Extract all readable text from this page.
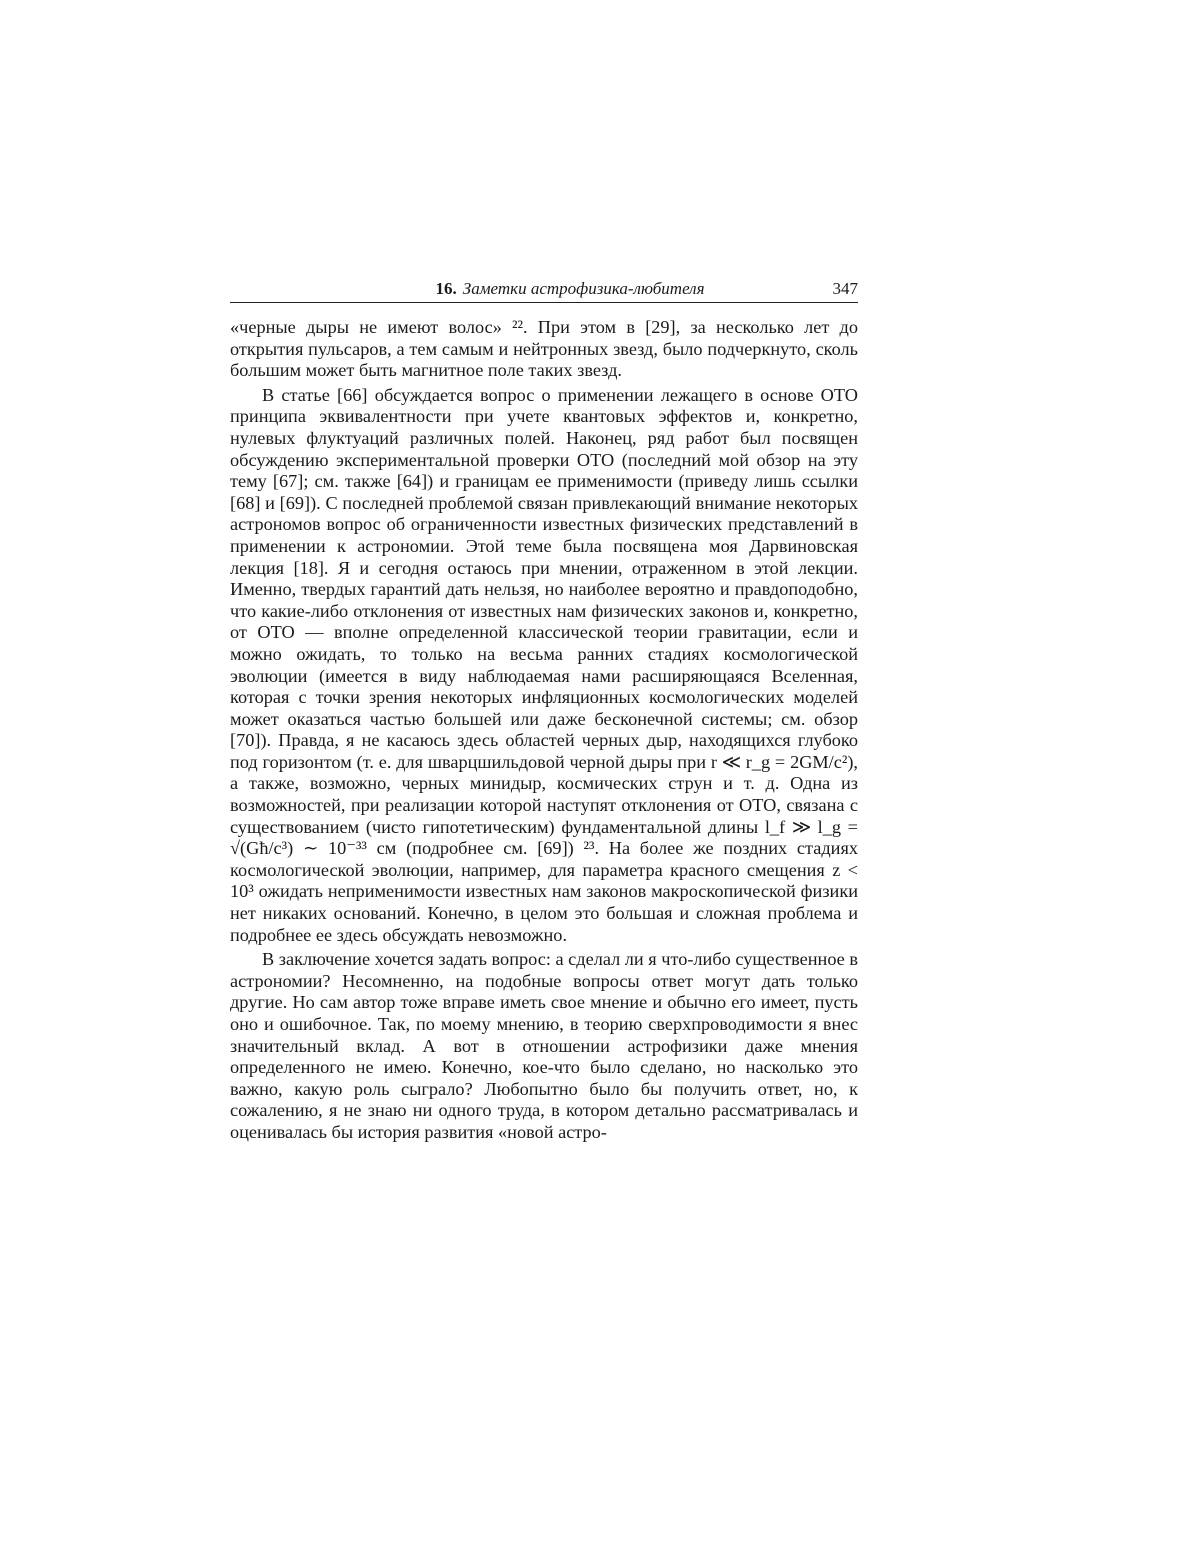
16. Заметки астрофизика-любителя	347

«черные дыры не имеют волос» ²². При этом в [29], за несколько лет до открытия пульсаров, а тем самым и нейтронных звезд, было подчеркнуто, сколь большим может быть магнитное поле таких звезд.

В статье [66] обсуждается вопрос о применении лежащего в основе ОТО принципа эквивалентности при учете квантовых эффектов и, конкретно, нулевых флуктуаций различных полей. Наконец, ряд работ был посвящен обсуждению экспериментальной проверки ОТО (последний мой обзор на эту тему [67]; см. также [64]) и границам ее применимости (приведу лишь ссылки [68] и [69]). С последней проблемой связан привлекающий внимание некоторых астрономов вопрос об ограниченности известных физических представлений в применении к астрономии. Этой теме была посвящена моя Дарвиновская лекция [18]. Я и сегодня остаюсь при мнении, отраженном в этой лекции. Именно, твердых гарантий дать нельзя, но наиболее вероятно и правдоподобно, что какие-либо отклонения от известных нам физических законов и, конкретно, от ОТО — вполне определенной классической теории гравитации, если и можно ожидать, то только на весьма ранних стадиях космологической эволюции (имеется в виду наблюдаемая нами расширяющаяся Вселенная, которая с точки зрения некоторых инфляционных космологических моделей может оказаться частью большей или даже бесконечной системы; см. обзор [70]). Правда, я не касаюсь здесь областей черных дыр, находящихся глубоко под горизонтом (т. е. для шварцшильдовой черной дыры при r ≪ r_g = 2GM/c²), а также, возможно, черных минидыр, космических струн и т. д. Одна из возможностей, при реализации которой наступят отклонения от ОТО, связана с существованием (чисто гипотетическим) фундаментальной длины l_f ≫ l_g = √(Għ/c³) ∼ 10⁻³³ см (подробнее см. [69]) ²³. На более же поздних стадиях космологической эволюции, например, для параметра красного смещения z < 10³ ожидать неприменимости известных нам законов макроскопической физики нет никаких оснований. Конечно, в целом это большая и сложная проблема и подробнее ее здесь обсуждать невозможно.

В заключение хочется задать вопрос: а сделал ли я что-либо существенное в астрономии? Несомненно, на подобные вопросы ответ могут дать только другие. Но сам автор тоже вправе иметь свое мнение и обычно его имеет, пусть оно и ошибочное. Так, по моему мнению, в теорию сверхпроводимости я внес значительный вклад. А вот в отношении астрофизики даже мнения определенного не имею. Конечно, кое-что было сделано, но насколько это важно, какую роль сыграло? Любопытно было бы получить ответ, но, к сожалению, я не знаю ни одного труда, в котором детально рассматривалась и оценивалась бы история развития «новой астро-
